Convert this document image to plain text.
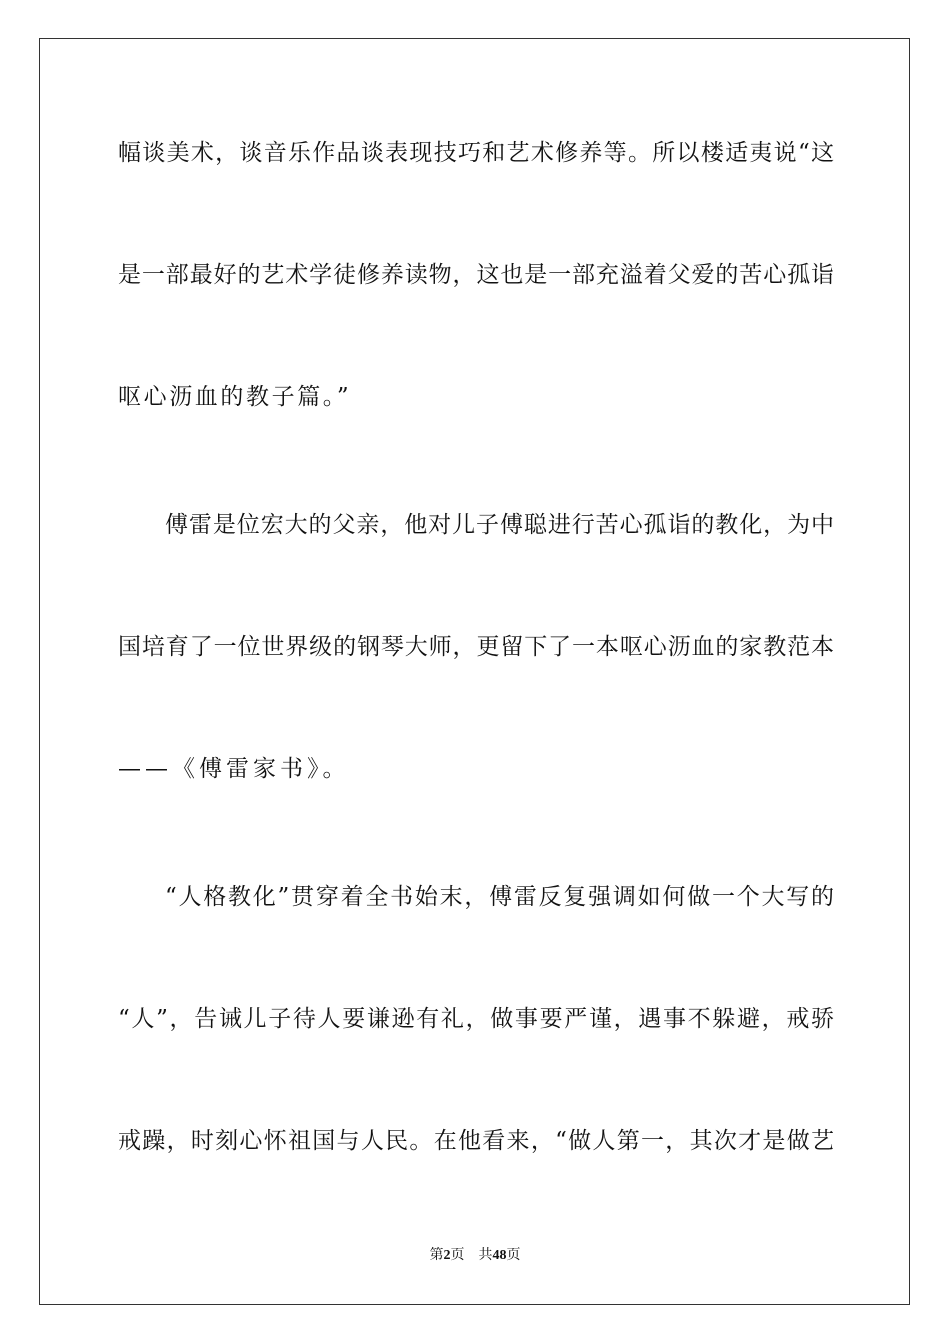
幅谈美术，谈音乐作品谈表现技巧和艺术修养等。所以楼适夷说“这
是一部最好的艺术学徒修养读物，这也是一部充溢着父爱的苦心孤诣
呕心沥血的教子篇。”
傅雷是位宏大的父亲，他对儿子傅聪进行苦心孤诣的教化，为中
国培育了一位世界级的钢琴大师，更留下了一本呕心沥血的家教范本
——《傅雷家书》。
“人格教化”贯穿着全书始末，傅雷反复强调如何做一个大写的
“人”，告诫儿子待人要谦逊有礼，做事要严谨，遇事不躲避，戒骄
戒躁，时刻心怀祖国与人民。在他看来，“做人第一，其次才是做艺
第2页 共48页
